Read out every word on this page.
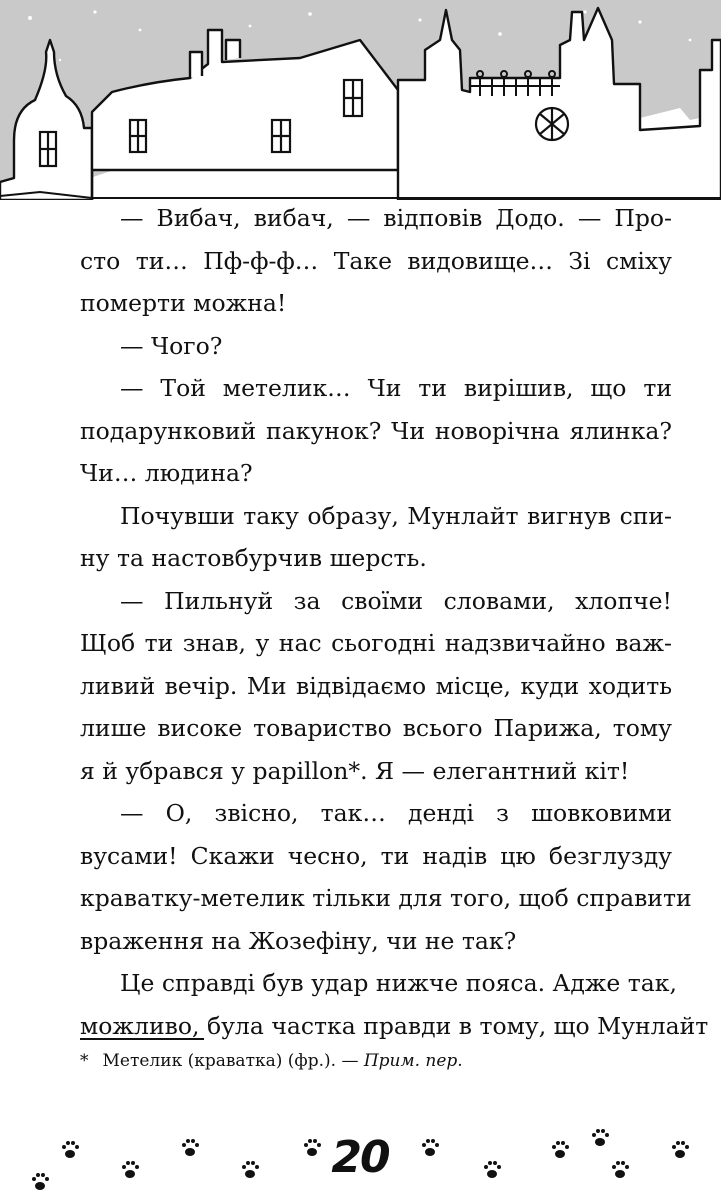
— Вибач, вибач, — відповів Додо. — Про-
сто ти… Пф-ф-ф… Таке видовище… Зі сміху
померти можна!

— Чого?

— Той метелик… Чи ти вирішив, що ти
подарунковий пакунок? Чи новорічна ялинка?
Чи… людина?

Почувши таку образу, Мунлайт вигнув спи-
ну та настовбурчив шерсть.

— Пильнуй за своїми словами, хлопче!
Щоб ти знав, у нас сьогодні надзвичайно важ-
ливий вечір. Ми відвідаємо місце, куди ходить
лише високе товариство всього Парижа, тому
я й убрався у papillon*. Я — елегантний кіт!

— О, звісно, так… денді з шовковими
вусами! Скажи чесно, ти надів цю безглузду
краватку-метелик тільки для того, щоб справити
враження на Жозефіну, чи не так?

Це справді був удар нижче пояса. Адже так,
можливо, була частка правди в тому, що Мунлайт

* Метелик (краватка) (фр.). — Прим. пер.
20
